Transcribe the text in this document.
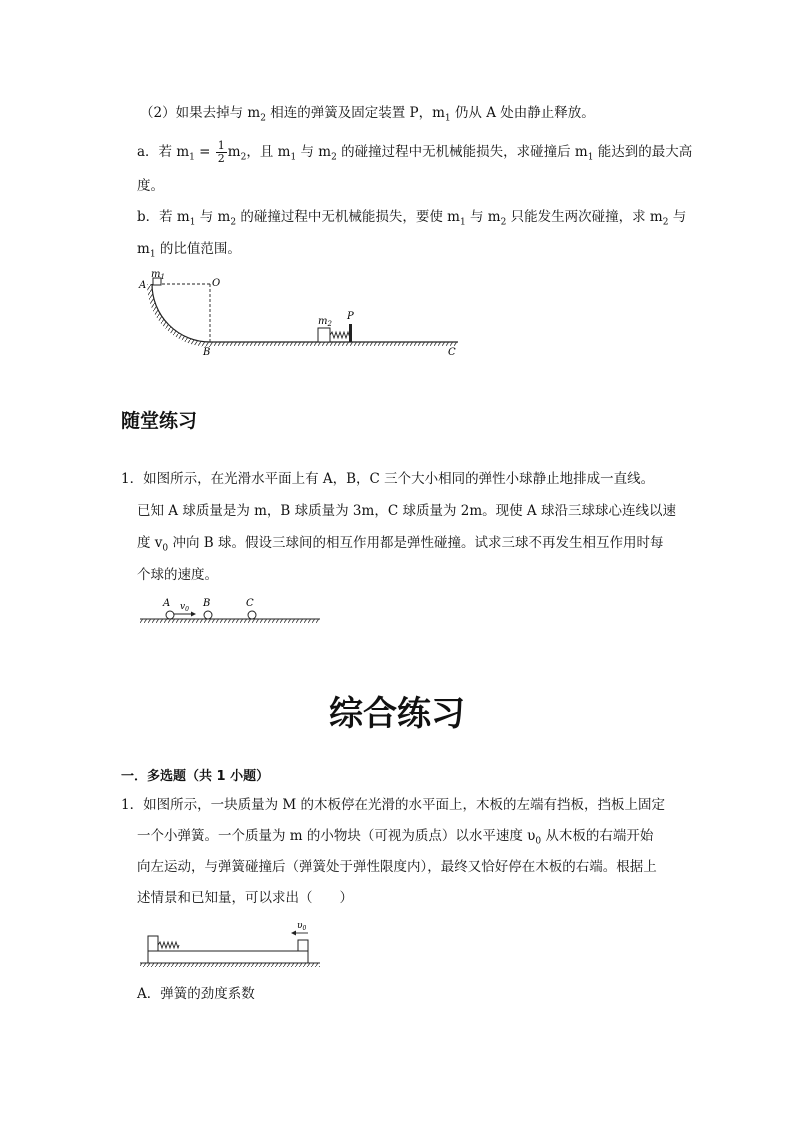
（2）如果去掉与 $m_2$ 相连的弹簧及固定装置 P，$m_1$ 仍从 A 处由静止释放。
a．若 $m_1 = \frac{1}{2} m_2$，且 $m_1$ 与 $m_2$ 的碰撞过程中无机械能损失，求碰撞后 $m_1$ 能达到的最大高
度。
b．若 $m_1$ 与 $m_2$ 的碰撞过程中无机械能损失，要使 $m_1$ 与 $m_2$ 只能发生两次碰撞，求 $m_2$ 与
$m_1$ 的比值范围。
$m_1$
A	O
B	C
$m_2$
P
随堂练习
1．如图所示，在光滑水平面上有 A，B，C 三个大小相同的弹性小球静止地排成一直线。
已知 A 球质量是为 m，B 球质量为 3m，C 球质量为 2m。现使 A 球沿三球球心连线以速
度 $v_0$ 冲向 B 球。假设三球间的相互作用都是弹性碰撞。试求三球不再发生相互作用时每
个球的速度。
A $v_0$
B	C
综合练习
一．多选题（共 1 小题）
1．如图所示，一块质量为 M 的木板停在光滑的水平面上，木板的左端有挡板，挡板上固定
一个小弹簧。一个质量为 m 的小物块（可视为质点）以水平速度 $\upsilon_0$ 从木板的右端开始
向左运动，与弹簧碰撞后（弹簧处于弹性限度内），最终又恰好停在木板的右端。根据上
述情景和已知量，可以求出（　　）
$\upsilon_0$
A．弹簧的劲度系数
